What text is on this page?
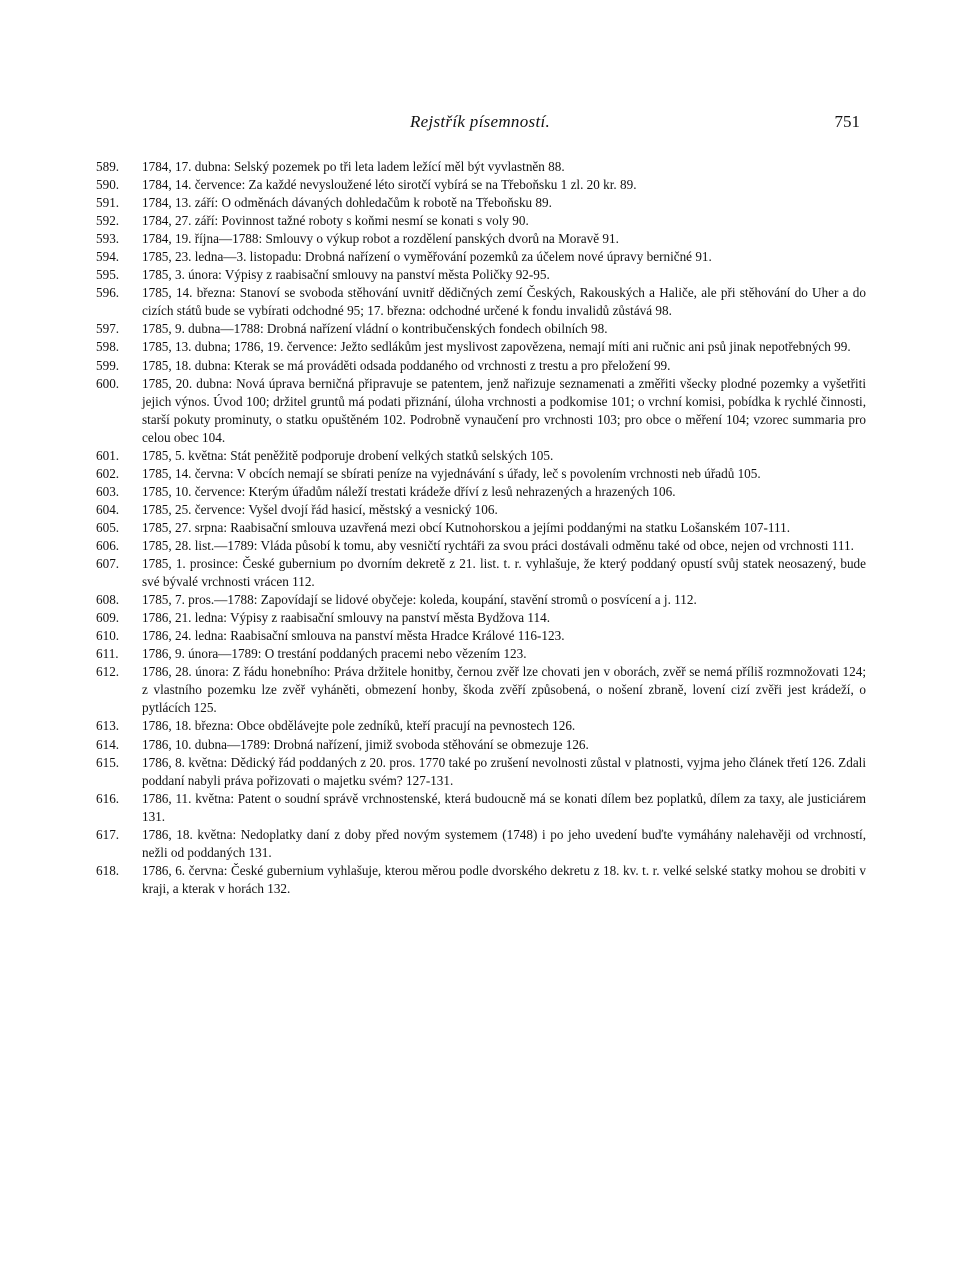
Rejstřík písemností.	751
589.	1784, 17. dubna: Selský pozemek po tři leta ladem ležící měl být vyvlastněn 88.
590.	1784, 14. července: Za každé nevysloužené léto sirotčí vybírá se na Třeboňsku 1 zl. 20 kr. 89.
591.	1784, 13. září: O odměnách dávaných dohledačům k robotě na Třeboňsku 89.
592.	1784, 27. září: Povinnost tažné roboty s koňmi nesmí se konati s voly 90.
593.	1784, 19. října—1788: Smlouvy o výkup robot a rozdělení panských dvorů na Moravě 91.
594.	1785, 23. ledna—3. listopadu: Drobná nařízení o vyměřování pozemků za účelem nové úpravy berničné 91.
595.	1785, 3. února: Výpisy z raabisační smlouvy na panství města Poličky 92-95.
596.	1785, 14. března: Stanoví se svoboda stěhování uvnitř dědičných zemí Českých, Rakouských a Haliče, ale při stěhování do Uher a do cizích států bude se vybírati odchodné 95; 17. března: odchodné určené k fondu invalidů zůstává 98.
597.	1785, 9. dubna—1788: Drobná nařízení vládní o kontribučenských fondech obilních 98.
598.	1785, 13. dubna; 1786, 19. července: Ježto sedlákům jest myslivost zapovězena, nemají míti ani ručnic ani psů jinak nepotřebných 99.
599.	1785, 18. dubna: Kterak se má prováděti odsada poddaného od vrchnosti z trestu a pro přeložení 99.
600.	1785, 20. dubna: Nová úprava berničná připravuje se patentem, jenž nařizuje seznamenati a změřiti všecky plodné pozemky a vyšetřiti jejich výnos. Úvod 100; držitel gruntů má podati přiznání, úloha vrchnosti a podkomise 101; o vrchní komisi, pobídka k rychlé činnosti, starší pokuty prominuty, o statku opuštěném 102. Podrobně vynaučení pro vrchnosti 103; pro obce o měření 104; vzorec summaria pro celou obec 104.
601.	1785, 5. května: Stát peněžitě podporuje drobení velkých statků selských 105.
602.	1785, 14. června: V obcích nemají se sbírati peníze na vyjednávání s úřady, leč s povolením vrchnosti neb úřadů 105.
603.	1785, 10. července: Kterým úřadům náleží trestati krádeže dříví z lesů nehrazených a hrazených 106.
604.	1785, 25. července: Vyšel dvojí řád hasicí, městský a vesnický 106.
605.	1785, 27. srpna: Raabisační smlouva uzavřená mezi obcí Kutnohorskou a jejími poddanými na statku Lošanském 107-111.
606.	1785, 28. list.—1789: Vláda působí k tomu, aby vesničtí rychtáři za svou práci dostávali odměnu také od obce, nejen od vrchnosti 111.
607.	1785, 1. prosince: České gubernium po dvorním dekretě z 21. list. t. r. vyhlašuje, že který poddaný opustí svůj statek neosazený, bude své bývalé vrchnosti vrácen 112.
608.	1785, 7. pros.—1788: Zapovídají se lidové obyčeje: koleda, koupání, stavění stromů o posvícení a j. 112.
609.	1786, 21. ledna: Výpisy z raabisační smlouvy na panství města Bydžova 114.
610.	1786, 24. ledna: Raabisační smlouva na panství města Hradce Králové 116-123.
611.	1786, 9. února—1789: O trestání poddaných pracemi nebo vězením 123.
612.	1786, 28. února: Z řádu honebního: Práva držitele honitby, černou zvěř lze chovati jen v oborách, zvěř se nemá příliš rozmnožovati 124; z vlastního pozemku lze zvěř vyháněti, obmezení honby, škoda zvěří způsobená, o nošení zbraně, lovení cizí zvěři jest krádeží, o pytlácích 125.
613.	1786, 18. března: Obce obdělávejte pole zedníků, kteří pracují na pevnostech 126.
614.	1786, 10. dubna—1789: Drobná nařízení, jimiž svoboda stěhování se obmezuje 126.
615.	1786, 8. května: Dědický řád poddaných z 20. pros. 1770 také po zrušení nevolnosti zůstal v platnosti, vyjma jeho článek třetí 126. Zdali poddaní nabyli práva pořizovati o majetku svém? 127-131.
616.	1786, 11. května: Patent o soudní správě vrchnostenské, která budoucně má se konati dílem bez poplatků, dílem za taxy, ale justiciárem 131.
617.	1786, 18. května: Nedoplatky daní z doby před novým systemem (1748) i po jeho uvedení buďte vymáhány nalehavěji od vrchností, nežli od poddaných 131.
618.	1786, 6. června: České gubernium vyhlašuje, kterou měrou podle dvorského dekretu z 18. kv. t. r. velké selské statky mohou se drobiti v kraji, a kterak v horách 132.
